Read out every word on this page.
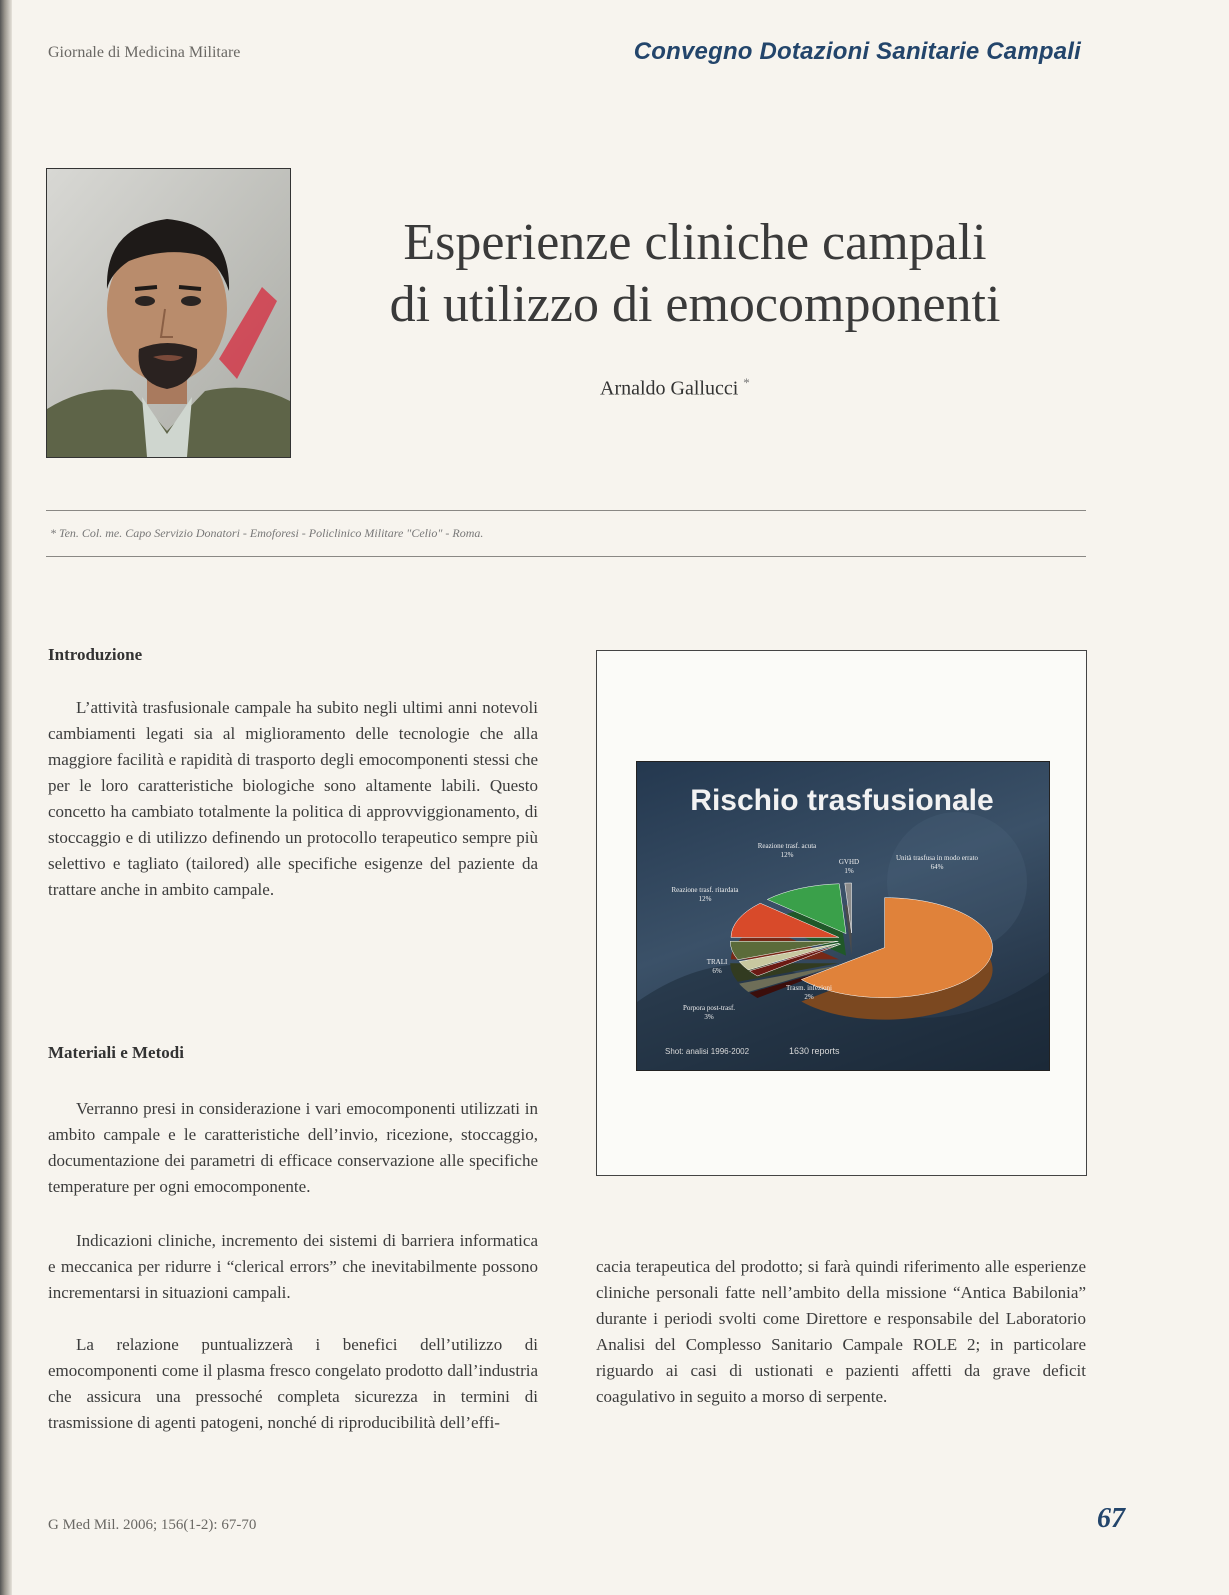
Giornale di Medicina Militare	Convegno Dotazioni Sanitarie Campali
Esperienze cliniche campali
di utilizzo di emocomponenti
Arnaldo Gallucci *
* Ten. Col. me. Capo Servizio Donatori - Emoforesi - Policlinico Militare "Celio" - Roma.
Introduzione

L’attività trasfusionale campale ha subito negli ultimi anni notevoli cambiamenti legati sia al miglioramento delle tecnologie che alla maggiore facilità e rapidità di trasporto degli emocomponenti stessi che per le loro caratteristiche biologiche sono altamente labili. Questo concetto ha cambiato totalmente la politica di approvviggionamento, di stoccaggio e di utilizzo definendo un protocollo terapeutico sempre più selettivo e tagliato (tailored) alle specifiche esigenze del paziente da trattare anche in ambito campale.

Materiali e Metodi

Verranno presi in considerazione i vari emocomponenti utilizzati in ambito campale e le caratteristiche dell’invio, ricezione, stoccaggio, documentazione dei parametri di efficace conservazione alle specifiche temperature per ogni emocomponente.

Indicazioni cliniche, incremento dei sistemi di barriera informatica e meccanica per ridurre i “clerical errors” che inevitabilmente possono incrementarsi in situazioni campali.

La relazione puntualizzerà i benefici dell’utilizzo di emocomponenti come il plasma fresco congelato prodotto dall’industria che assicura una pressoché completa sicurezza in termini di trasmissione di agenti patogeni, nonché di riproducibilità dell’effi-

cacia terapeutica del prodotto; si farà quindi riferimento alle esperienze cliniche personali fatte nell’ambito della missione “Antica Babilonia” durante i periodi svolti come Direttore e responsabile del Laboratorio Analisi del Complesso Sanitario Campale ROLE 2; in particolare riguardo ai casi di ustionati e pazienti affetti da grave deficit coagulativo in seguito a morso di serpente.

Rischio trasfusionale
Unità trasfusa in modo errato 64%
Trasm. infezioni 2%
Porpora post-trasf. 3%
TRALI 6%
Reazione trasf. ritardata 12%
Reazione trasf. acuta 12%
GVHD 1%
Shot: analisi 1996-2002	1630 reports
G Med Mil. 2006; 156(1-2): 67-70	67
